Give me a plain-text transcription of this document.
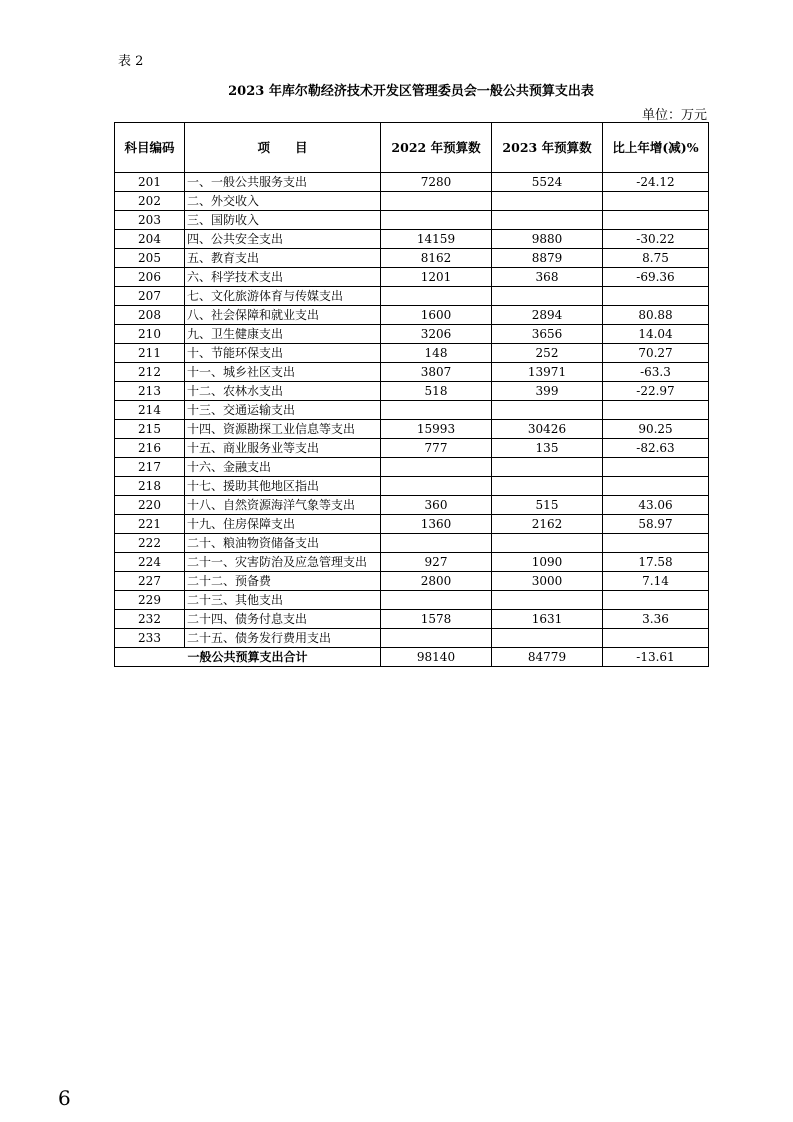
表 2
2023 年库尔勒经济技术开发区管理委员会一般公共预算支出表
单位：万元
科目编码	项　　目	2022 年预算数	2023 年预算数	比上年增(减)%
201	一、一般公共服务支出	7280	5524	-24.12
202	二、外交收入			
203	三、国防收入			
204	四、公共安全支出	14159	9880	-30.22
205	五、教育支出	8162	8879	8.75
206	六、科学技术支出	1201	368	-69.36
207	七、文化旅游体育与传媒支出			
208	八、社会保障和就业支出	1600	2894	80.88
210	九、卫生健康支出	3206	3656	14.04
211	十、节能环保支出	148	252	70.27
212	十一、城乡社区支出	3807	13971	-63.3
213	十二、农林水支出	518	399	-22.97
214	十三、交通运输支出			
215	十四、资源勘探工业信息等支出	15993	30426	90.25
216	十五、商业服务业等支出	777	135	-82.63
217	十六、金融支出			
218	十七、援助其他地区指出			
220	十八、自然资源海洋气象等支出	360	515	43.06
221	十九、住房保障支出	1360	2162	58.97
222	二十、粮油物资储备支出			
224	二十一、灾害防治及应急管理支出	927	1090	17.58
227	二十二、预备费	2800	3000	7.14
229	二十三、其他支出			
232	二十四、债务付息支出	1578	1631	3.36
233	二十五、债务发行费用支出			
一般公共预算支出合计		98140	84779	-13.61
6
